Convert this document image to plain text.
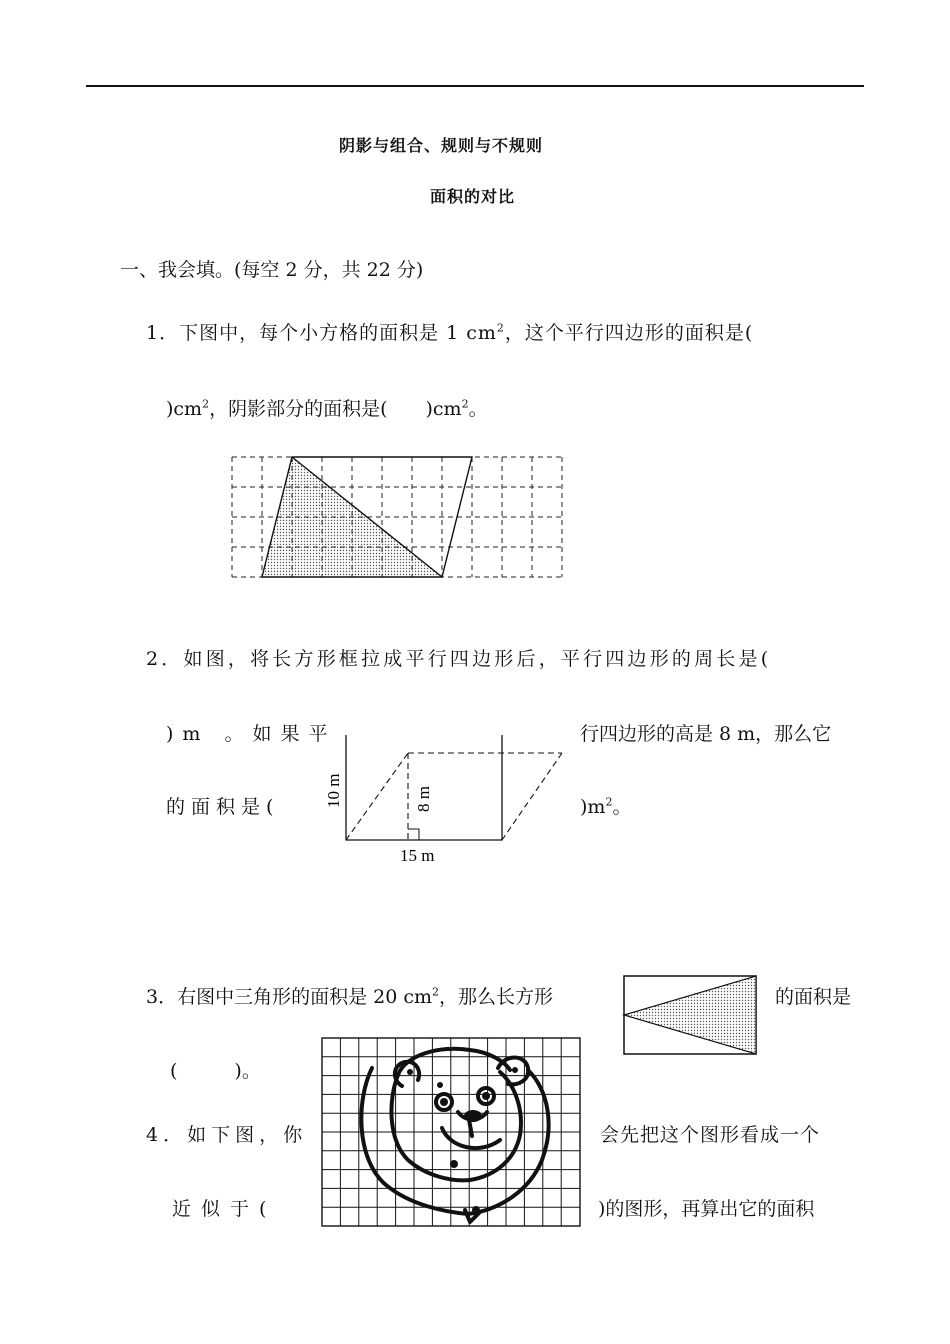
阴影与组合、规则与不规则
面积的对比
一、我会填。(每空 2 分，共 22 分)
1．下图中，每个小方格的面积是 1 $cm^2$，这个平行四边形的面积是(
)$cm^2$，阴影部分的面积是(　　)$cm^2$。
2．如图，将长方形框拉成平行四边形后，平行四边形的周长是(
)m 。如果平	行四边形的高是 8 m，那么它
的面积是(	)$m^2$。
10 m	8 m
15 m
3．右图中三角形的面积是 20 $cm^2$，那么长方形	的面积是
(　　　)。
4．如下图，你	会先把这个图形看成一个
近似于(	)的图形，再算出它的面积
